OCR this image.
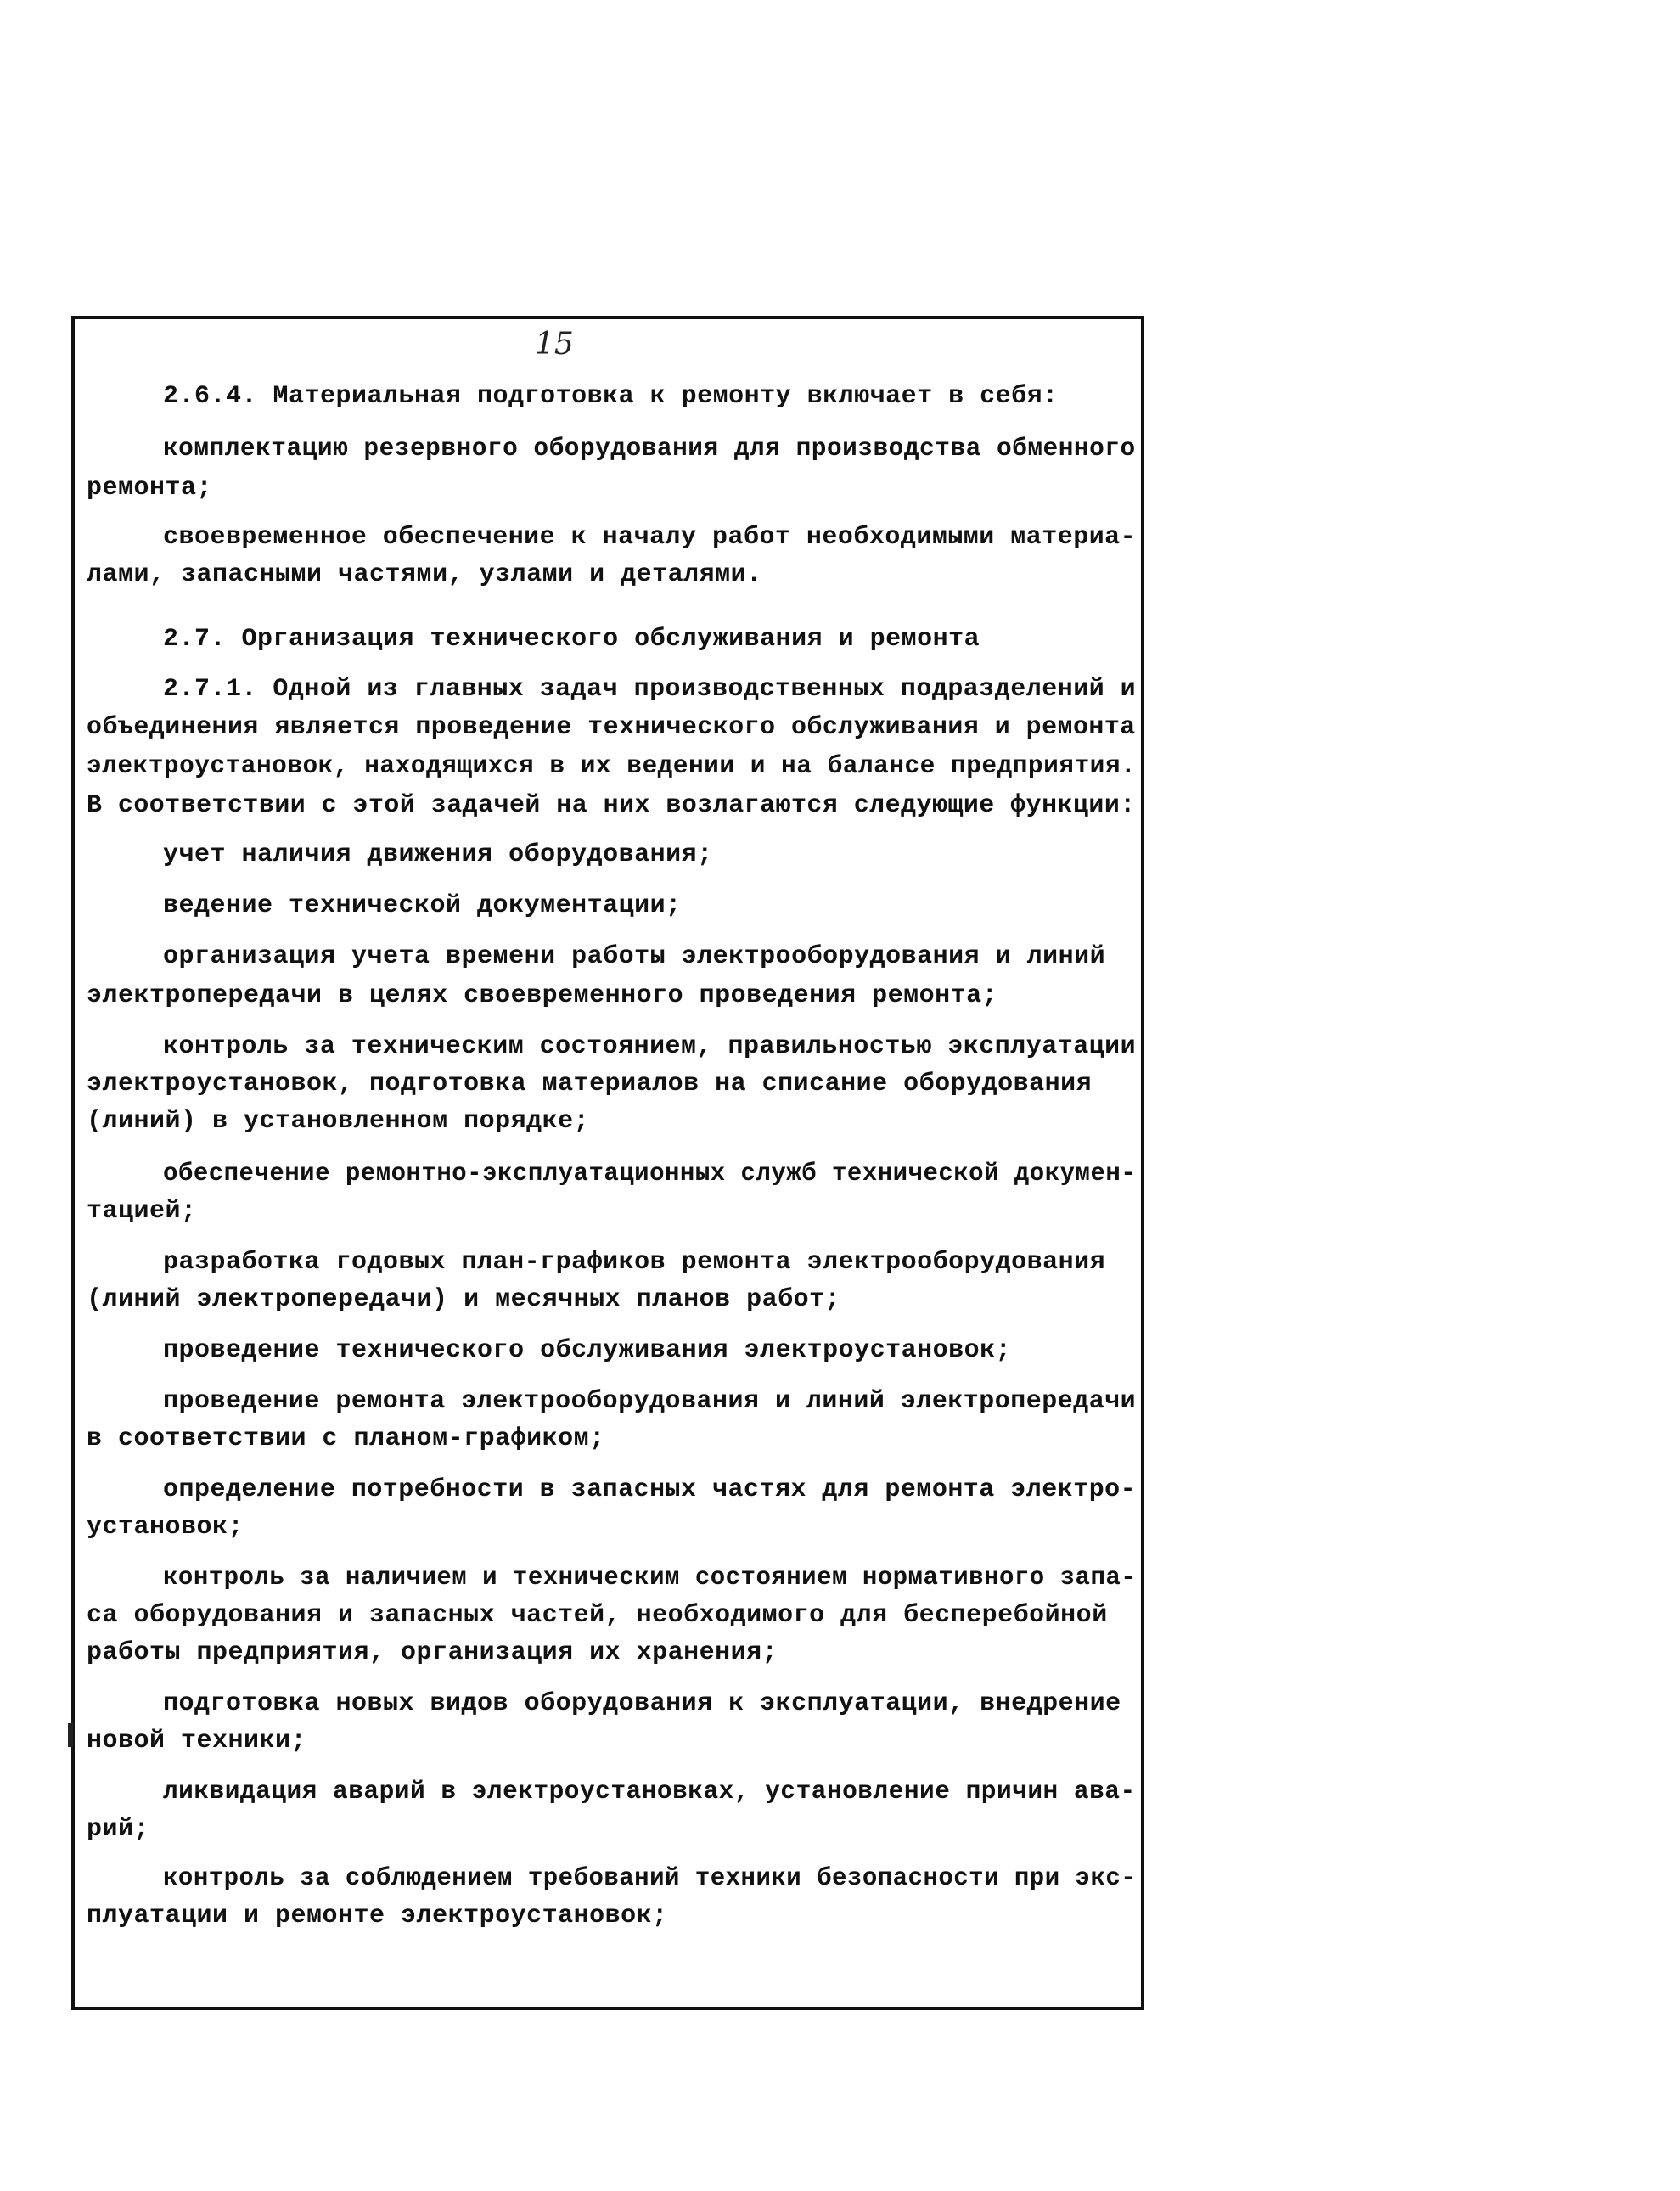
15
2.6.4. Материальная подготовка к ремонту включает в себя:
комплектацию резервного оборудования для производства обменного
ремонта;
своевременное обеспечение к началу работ необходимыми материа-
лами, запасными частями, узлами и деталями.
2.7. Организация технического обслуживания и ремонта
2.7.1. Одной из главных задач производственных подразделений и
объединения является проведение технического обслуживания и ремонта
электроустановок, находящихся в их ведении и на балансе предприятия.
В соответствии с этой задачей на них возлагаются следующие функции:
учет наличия движения оборудования;
ведение технической документации;
организация учета времени работы электрооборудования и линий
электропередачи в целях своевременного проведения ремонта;
контроль за техническим состоянием, правильностью эксплуатации
электроустановок, подготовка материалов на списание оборудования
(линий) в установленном порядке;
обеспечение ремонтно-эксплуатационных служб технической докумен-
тацией;
разработка годовых план-графиков ремонта электрооборудования
(линий электропередачи) и месячных планов работ;
проведение технического обслуживания электроустановок;
проведение ремонта электрооборудования и линий электропередачи
в соответствии с планом-графиком;
определение потребности в запасных частях для ремонта электро-
установок;
контроль за наличием и техническим состоянием нормативного запа-
са оборудования и запасных частей, необходимого для бесперебойной
работы предприятия, организация их хранения;
подготовка новых видов оборудования к эксплуатации, внедрение
новой техники;
ликвидация аварий в электроустановках, установление причин ава-
рий;
контроль за соблюдением требований техники безопасности при экс-
плуатации и ремонте электроустановок;
